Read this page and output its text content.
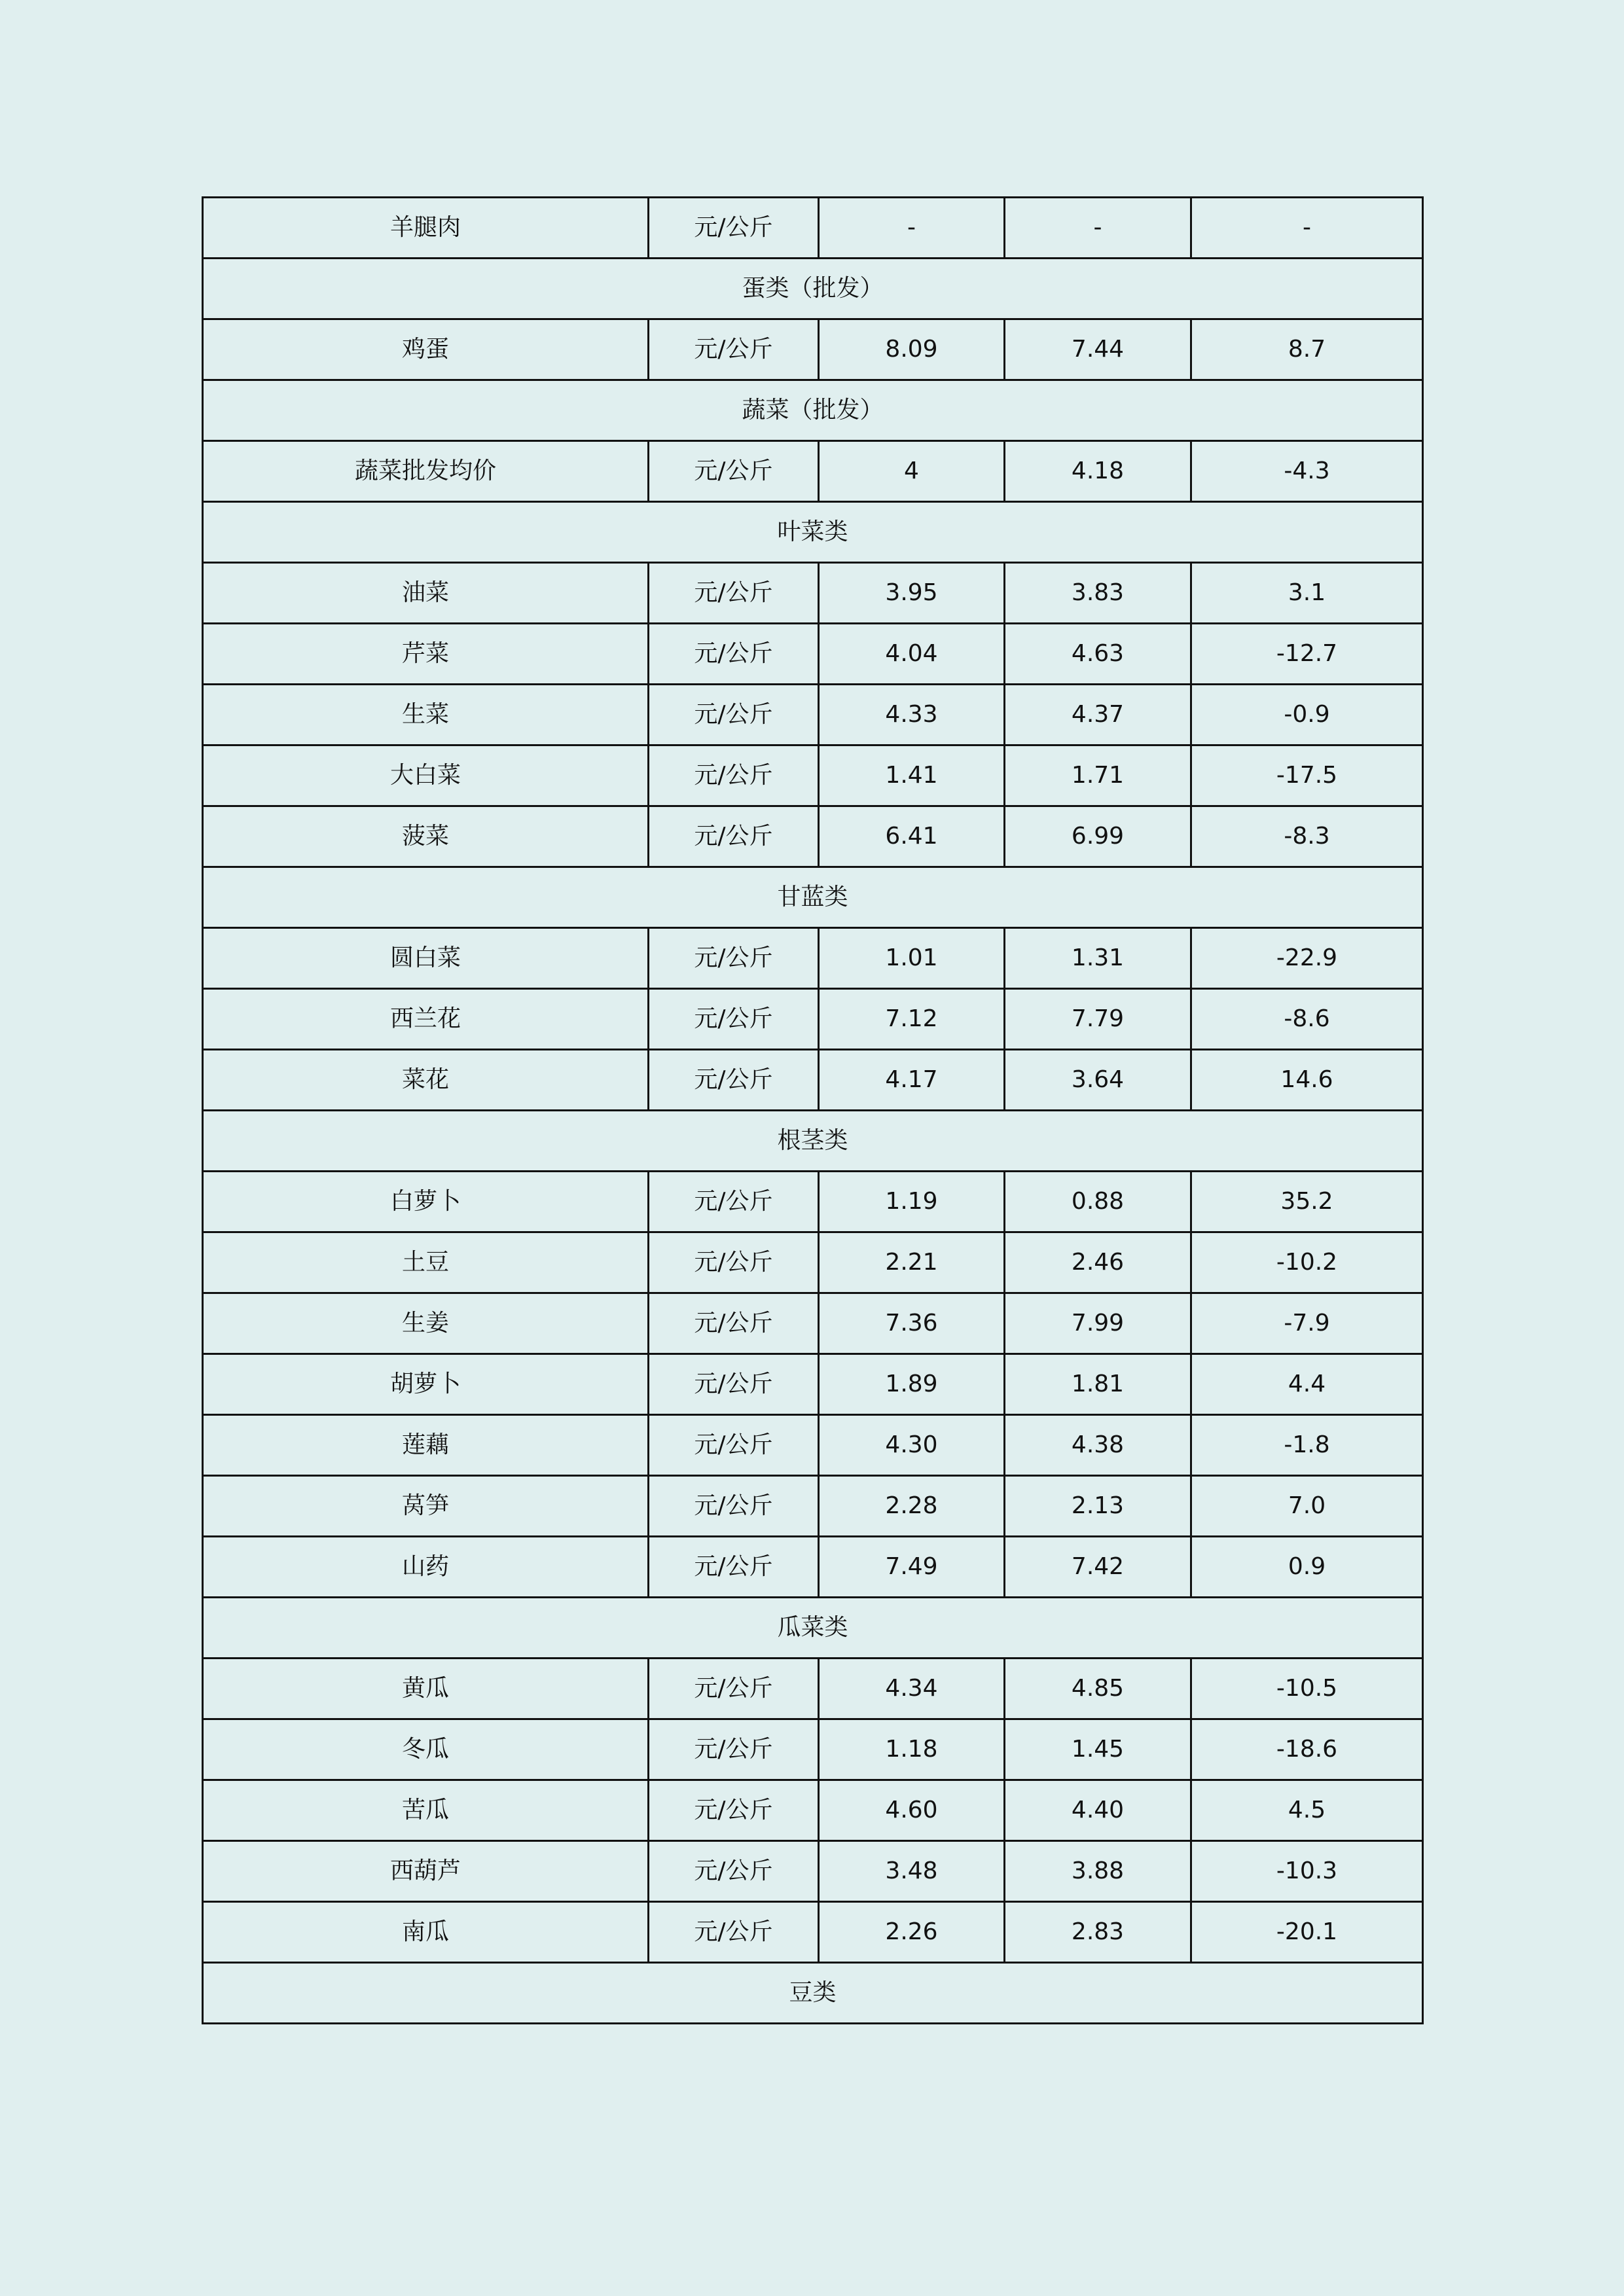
羊腿肉	元/公斤	-	-	-
蛋类（批发）				
鸡蛋	元/公斤	8.09	7.44	8.7
蔬菜（批发）				
蔬菜批发均价	元/公斤	4	4.18	-4.3
叶菜类				
油菜	元/公斤	3.95	3.83	3.1
芹菜	元/公斤	4.04	4.63	-12.7
生菜	元/公斤	4.33	4.37	-0.9
大白菜	元/公斤	1.41	1.71	-17.5
菠菜	元/公斤	6.41	6.99	-8.3
甘蓝类				
圆白菜	元/公斤	1.01	1.31	-22.9
西兰花	元/公斤	7.12	7.79	-8.6
菜花	元/公斤	4.17	3.64	14.6
根茎类				
白萝卜	元/公斤	1.19	0.88	35.2
土豆	元/公斤	2.21	2.46	-10.2
生姜	元/公斤	7.36	7.99	-7.9
胡萝卜	元/公斤	1.89	1.81	4.4
莲藕	元/公斤	4.30	4.38	-1.8
莴笋	元/公斤	2.28	2.13	7.0
山药	元/公斤	7.49	7.42	0.9
瓜菜类				
黄瓜	元/公斤	4.34	4.85	-10.5
冬瓜	元/公斤	1.18	1.45	-18.6
苦瓜	元/公斤	4.60	4.40	4.5
西葫芦	元/公斤	3.48	3.88	-10.3
南瓜	元/公斤	2.26	2.83	-20.1
豆类				
